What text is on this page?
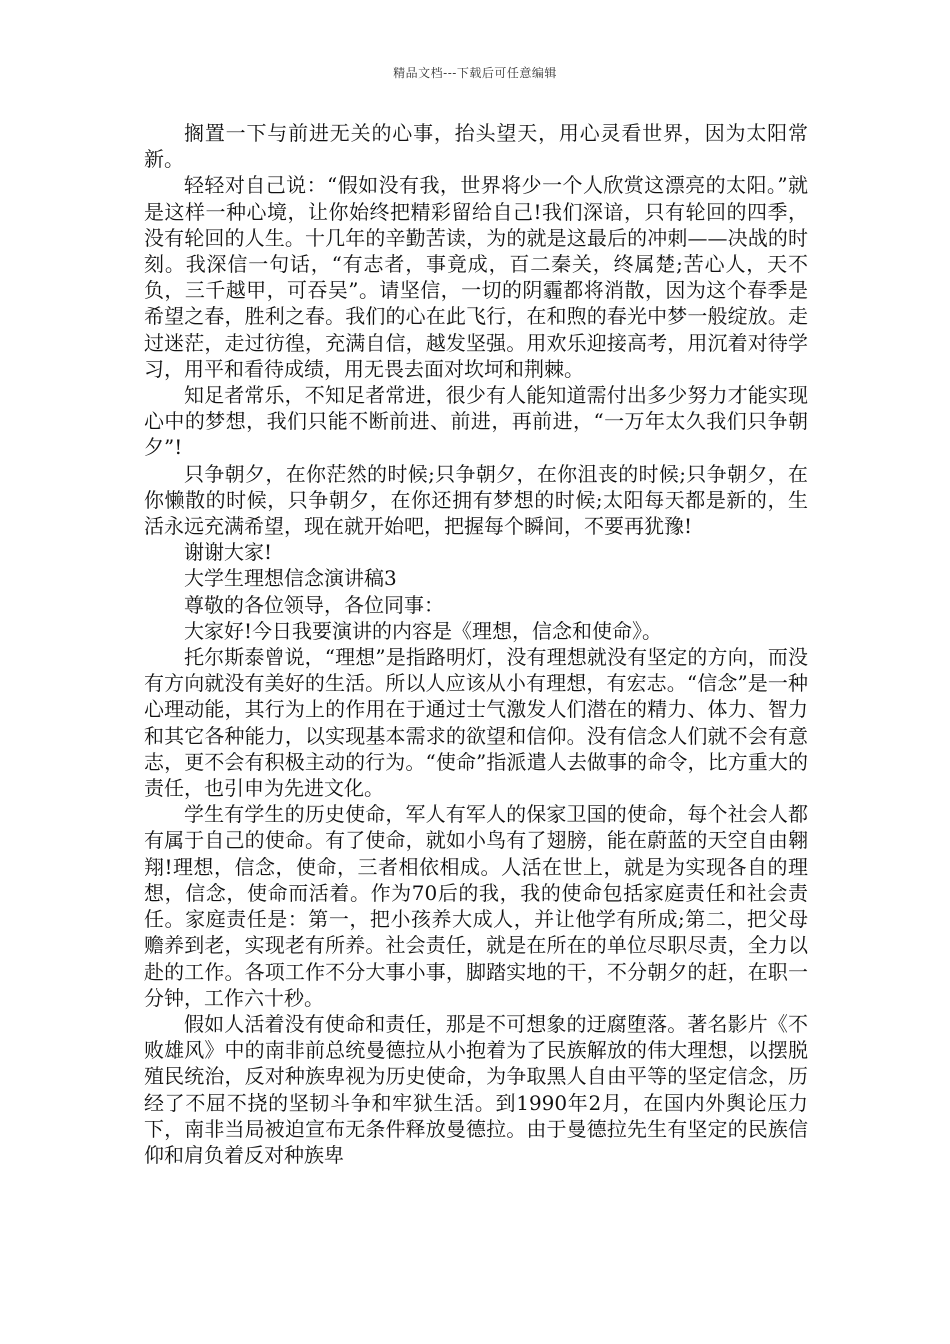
精品文档---下载后可任意编辑

搁置一下与前进无关的心事，抬头望天，用心灵看世界，因为太阳常新。

轻轻对自己说：“假如没有我，世界将少一个人欣赏这漂亮的太阳。”就是这样一种心境，让你始终把精彩留给自己!我们深谙，只有轮回的四季，没有轮回的人生。十几年的辛勤苦读，为的就是这最后的冲刺——决战的时刻。我深信一句话，“有志者，事竟成，百二秦关，终属楚;苦心人，天不负，三千越甲，可吞吴”。请坚信，一切的阴霾都将消散，因为这个春季是希望之春，胜利之春。我们的心在此飞行，在和煦的春光中梦一般绽放。走过迷茫，走过彷徨，充满自信，越发坚强。用欢乐迎接高考，用沉着对待学习，用平和看待成绩，用无畏去面对坎坷和荆棘。

知足者常乐，不知足者常进，很少有人能知道需付出多少努力才能实现心中的梦想，我们只能不断前进、前进，再前进，“一万年太久我们只争朝夕”!

只争朝夕，在你茫然的时候;只争朝夕，在你沮丧的时候;只争朝夕，在你懒散的时候，只争朝夕，在你还拥有梦想的时候;太阳每天都是新的，生活永远充满希望，现在就开始吧，把握每个瞬间，不要再犹豫!

谢谢大家!

大学生理想信念演讲稿3

尊敬的各位领导，各位同事：

大家好!今日我要演讲的内容是《理想，信念和使命》。

托尔斯泰曾说，“理想”是指路明灯，没有理想就没有坚定的方向，而没有方向就没有美好的生活。所以人应该从小有理想，有宏志。“信念”是一种心理动能，其行为上的作用在于通过士气激发人们潜在的精力、体力、智力和其它各种能力，以实现基本需求的欲望和信仰。没有信念人们就不会有意志，更不会有积极主动的行为。“使命”指派遣人去做事的命令，比方重大的责任，也引申为先进文化。

学生有学生的历史使命，军人有军人的保家卫国的使命，每个社会人都有属于自己的使命。有了使命，就如小鸟有了翅膀，能在蔚蓝的天空自由翱翔!理想，信念，使命，三者相依相成。人活在世上，就是为实现各自的理想，信念，使命而活着。作为70后的我，我的使命包括家庭责任和社会责任。家庭责任是：第一，把小孩养大成人，并让他学有所成;第二，把父母赡养到老，实现老有所养。社会责任，就是在所在的单位尽职尽责，全力以赴的工作。各项工作不分大事小事，脚踏实地的干，不分朝夕的赶，在职一分钟，工作六十秒。

假如人活着没有使命和责任，那是不可想象的迂腐堕落。著名影片《不败雄风》中的南非前总统曼德拉从小抱着为了民族解放的伟大理想，以摆脱殖民统治，反对种族卑视为历史使命，为争取黑人自由平等的坚定信念，历经了不屈不挠的坚韧斗争和牢狱生活。到1990年2月，在国内外舆论压力下，南非当局被迫宣布无条件释放曼德拉。由于曼德拉先生有坚定的民族信仰和肩负着反对种族卑
